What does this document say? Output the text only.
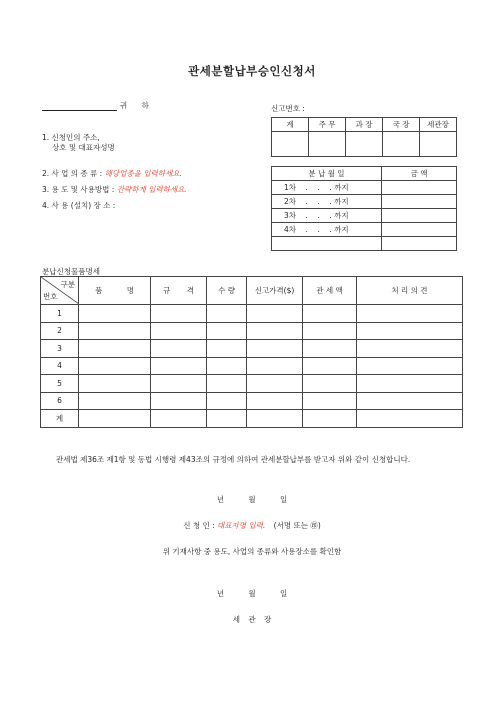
관세분할납부승인신청서
귀 하	신고번호 :
계	주 무	과 장	국 장	세관장

1. 신청인의 주소,
상호 및 대표자성명
2. 사 업 의 종 류 : 해당업종을 입력하세요.
3. 용 도 및 사용방법 : 간략하게 입력하세요.
4. 사 용 (설치) 장 소 :
분 납 월 일	금 액
1차    .    .    . 까지	
2차    .    .    . 까지	
3차    .    .    . 까지	
4차    .    .    . 까지	

분납신청물품명세
구분
번호	품 명	규 격	수 량	신고가격($)	관 세 액	처 리 의 견
1						
2						
3						
4						
5						
6						
계						
관세법 제36조 제1항 및 동법 시행령 제43조의 규정에 의하여 관세분할납부를 받고자 위와 같이 신청합니다.
년 월 일
신 청 인 : 대표자명 입력. (서명 또는 ㊞)
위 기재사항 중 용도, 사업의 종류와 사용장소를 확인함
년 월 일
세 관 장
